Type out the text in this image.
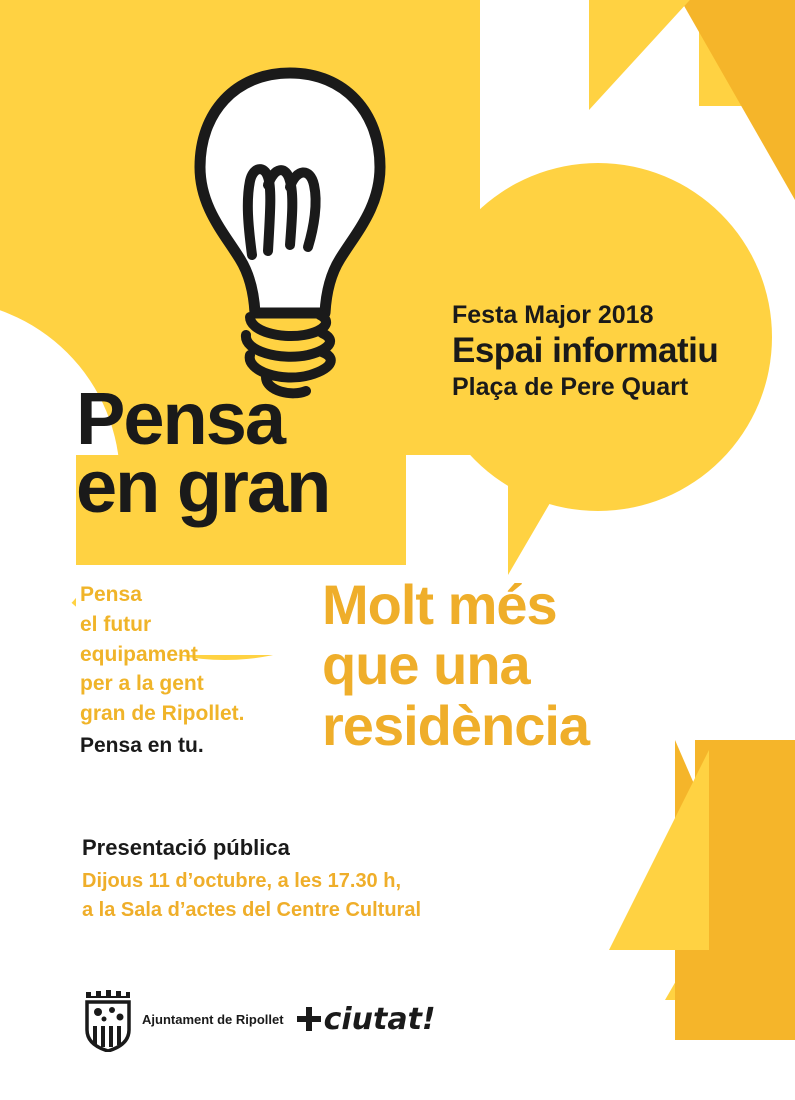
Pensa
en gran
Festa Major 2018
Espai informatiu
Plaça de Pere Quart
Pensa
el futur
equipament
per a la gent
gran de Ripollet.
Pensa en tu.
Molt més
que una
residència
Presentació pública
Dijous 11 d’octubre, a les 17.30 h,
a la Sala d’actes del Centre Cultural
Ajuntament de Ripollet ciutat!
